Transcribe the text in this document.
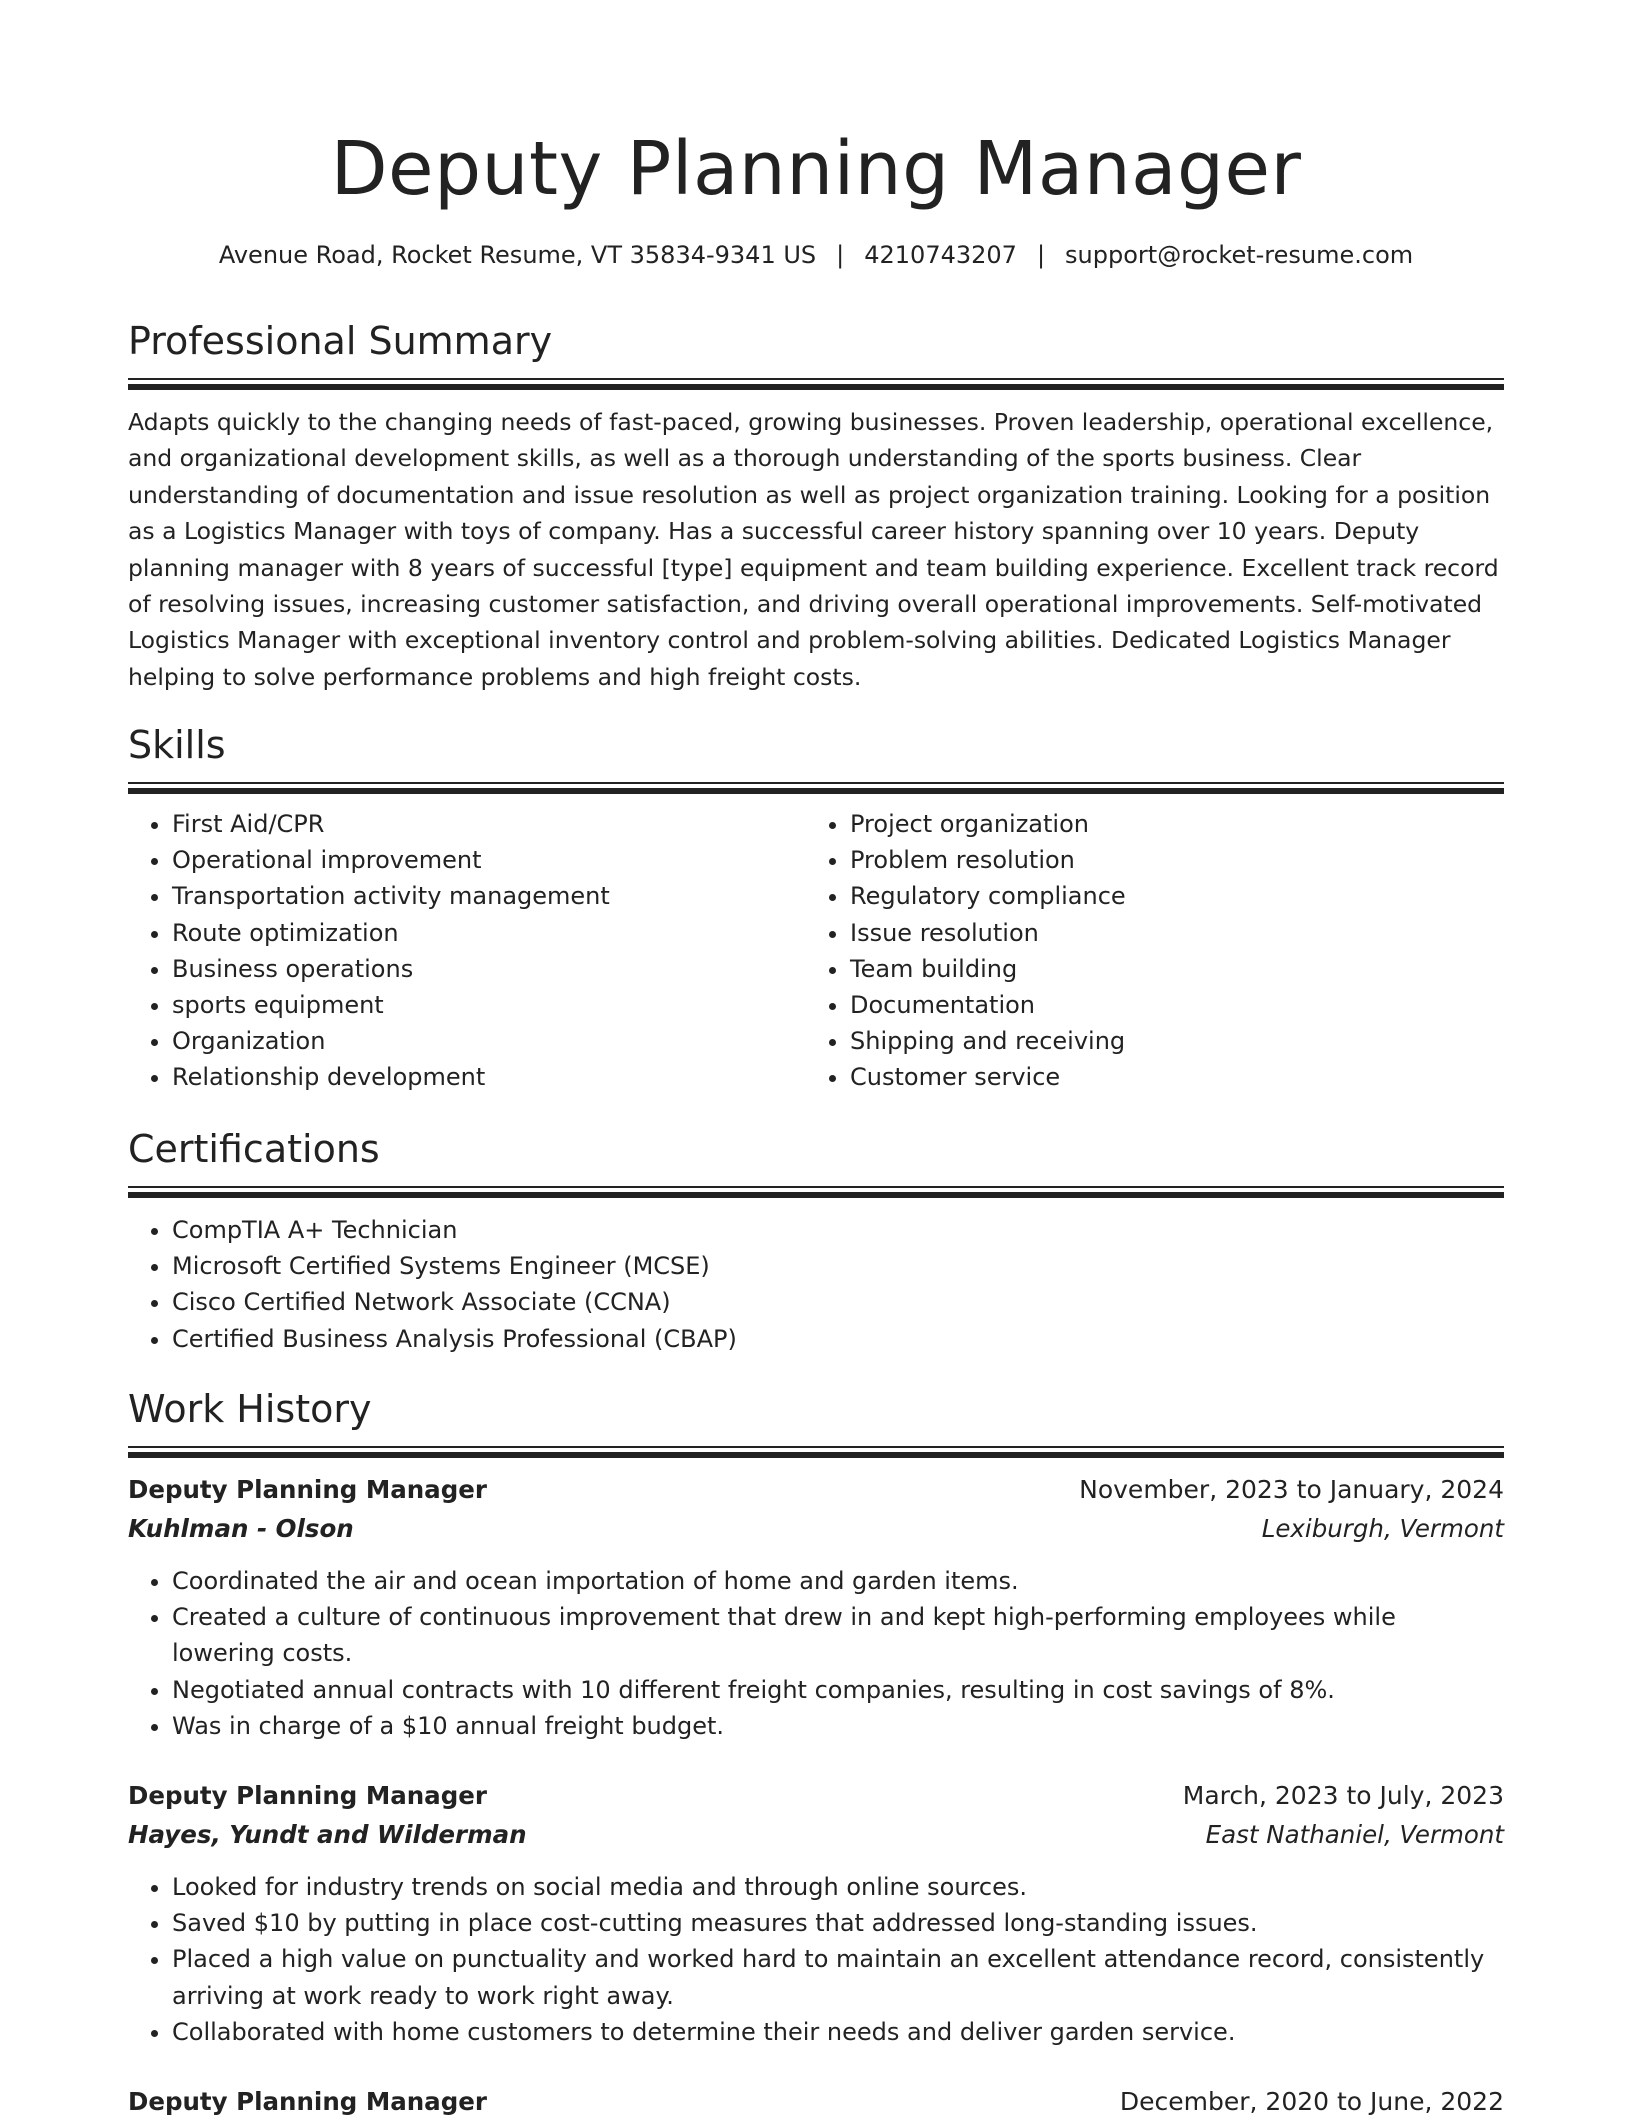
Deputy Planning Manager
Avenue Road, Rocket Resume, VT 35834-9341 US | 4210743207 | support@rocket-resume.com
Professional Summary
Adapts quickly to the changing needs of fast-paced, growing businesses. Proven leadership, operational excellence, and organizational development skills, as well as a thorough understanding of the sports business. Clear understanding of documentation and issue resolution as well as project organization training. Looking for a position as a Logistics Manager with toys of company. Has a successful career history spanning over 10 years. Deputy planning manager with 8 years of successful [type] equipment and team building experience. Excellent track record of resolving issues, increasing customer satisfaction, and driving overall operational improvements. Self-motivated Logistics Manager with exceptional inventory control and problem-solving abilities. Dedicated Logistics Manager helping to solve performance problems and high freight costs.
Skills
• First Aid/CPR
• Operational improvement
• Transportation activity management
• Route optimization
• Business operations
• sports equipment
• Organization
• Relationship development
• Project organization
• Problem resolution
• Regulatory compliance
• Issue resolution
• Team building
• Documentation
• Shipping and receiving
• Customer service
Certifications
• CompTIA A+ Technician
• Microsoft Certified Systems Engineer (MCSE)
• Cisco Certified Network Associate (CCNA)
• Certified Business Analysis Professional (CBAP)
Work History
Deputy Planning Manager	November, 2023 to January, 2024
Kuhlman - Olson	Lexiburgh, Vermont
• Coordinated the air and ocean importation of home and garden items.
• Created a culture of continuous improvement that drew in and kept high-performing employees while lowering costs.
• Negotiated annual contracts with 10 different freight companies, resulting in cost savings of 8%.
• Was in charge of a $10 annual freight budget.
Deputy Planning Manager	March, 2023 to July, 2023
Hayes, Yundt and Wilderman	East Nathaniel, Vermont
• Looked for industry trends on social media and through online sources.
• Saved $10 by putting in place cost-cutting measures that addressed long-standing issues.
• Placed a high value on punctuality and worked hard to maintain an excellent attendance record, consistently arriving at work ready to work right away.
• Collaborated with home customers to determine their needs and deliver garden service.
Deputy Planning Manager	December, 2020 to June, 2022
